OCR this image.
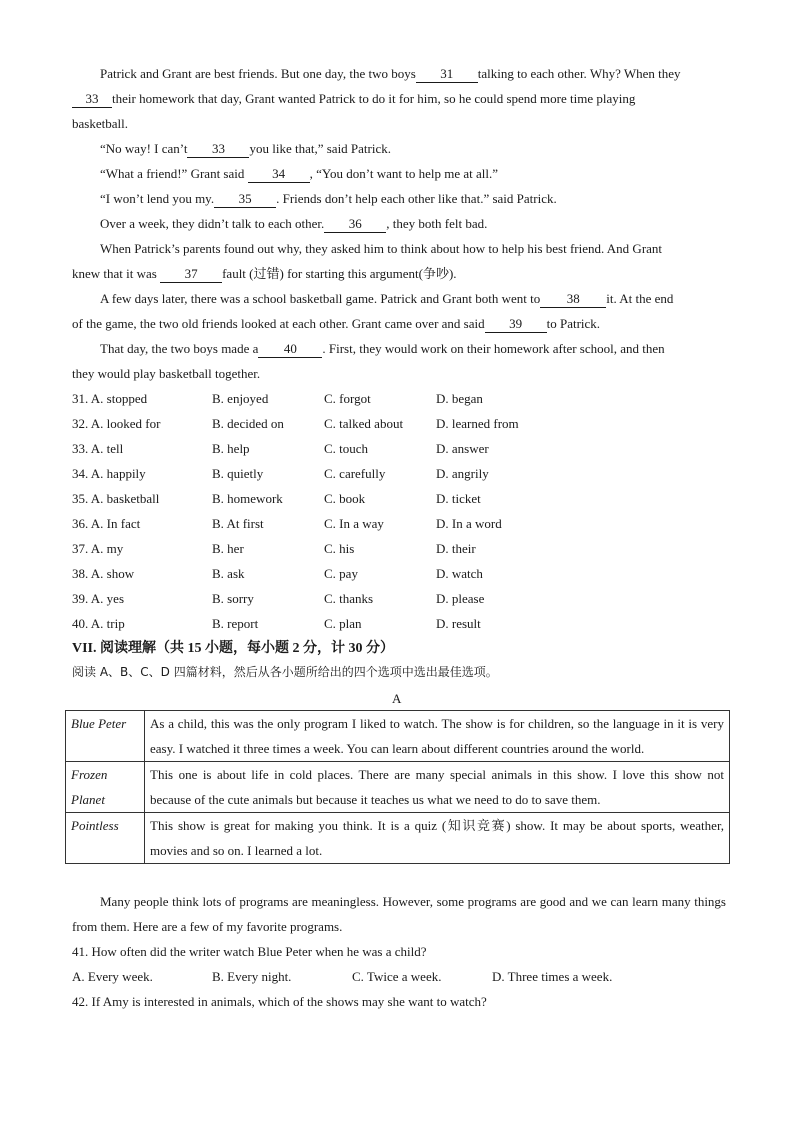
Patrick and Grant are best friends. But one day, the two boys 31 talking to each other. Why? When they
33 their homework that day, Grant wanted Patrick to do it for him, so he could spend more time playing
basketball.
“No way! I can’t 33 you like that,” said Patrick.
“What a friend!” Grant said 34 , “You don’t want to help me at all.”
“I won’t lend you my. 35 . Friends don’t help each other like that.” said Patrick.
Over a week, they didn’t talk to each other. 36 , they both felt bad.
When Patrick’s parents found out why, they asked him to think about how to help his best friend. And Grant
knew that it was 37 fault (过错) for starting this argument(争吵).
A few days later, there was a school basketball game. Patrick and Grant both went to 38 it. At the end
of the game, the two old friends looked at each other. Grant came over and said 39 to Patrick.
That day, the two boys made a 40 . First, they would work on their homework after school, and then
they would play basketball together.
31. A. stopped	B. enjoyed	C. forgot	D. began
32. A. looked for	B. decided on	C. talked about	D. learned from
33. A. tell	B. help	C. touch	D. answer
34. A. happily	B. quietly	C. carefully	D. angrily
35. A. basketball	B. homework	C. book	D. ticket
36. A. In fact	B. At first	C. In a way	D. In a word
37. A. my	B. her	C. his	D. their
38. A. show	B. ask	C. pay	D. watch
39. A. yes	B. sorry	C. thanks	D. please
40. A. trip	B. report	C. plan	D. result
VII. 阅读理解（共 15 小题，每小题 2 分，计 30 分）
阅读 A、B、C、D 四篇材料，然后从各小题所给出的四个选项中选出最佳选项。
A
Blue Peter	As a child, this was the only program I liked to watch. The show is for children, so the language in it is very easy. I watched it three times a week. You can learn about different countries around the world.
Frozen Planet	This one is about life in cold places. There are many special animals in this show. I love this show not because of the cute animals but because it teaches us what we need to do to save them.
Pointless	This show is great for making you think. It is a quiz (知识竞赛) show. It may be about sports, weather, movies and so on. I learned a lot.
Many people think lots of programs are meaningless. However, some programs are good and we can learn many things from them. Here are a few of my favorite programs.
41. How often did the writer watch Blue Peter when he was a child?
A. Every week.	B. Every night.	C. Twice a week.	D. Three times a week.
42. If Amy is interested in animals, which of the shows may she want to watch?
